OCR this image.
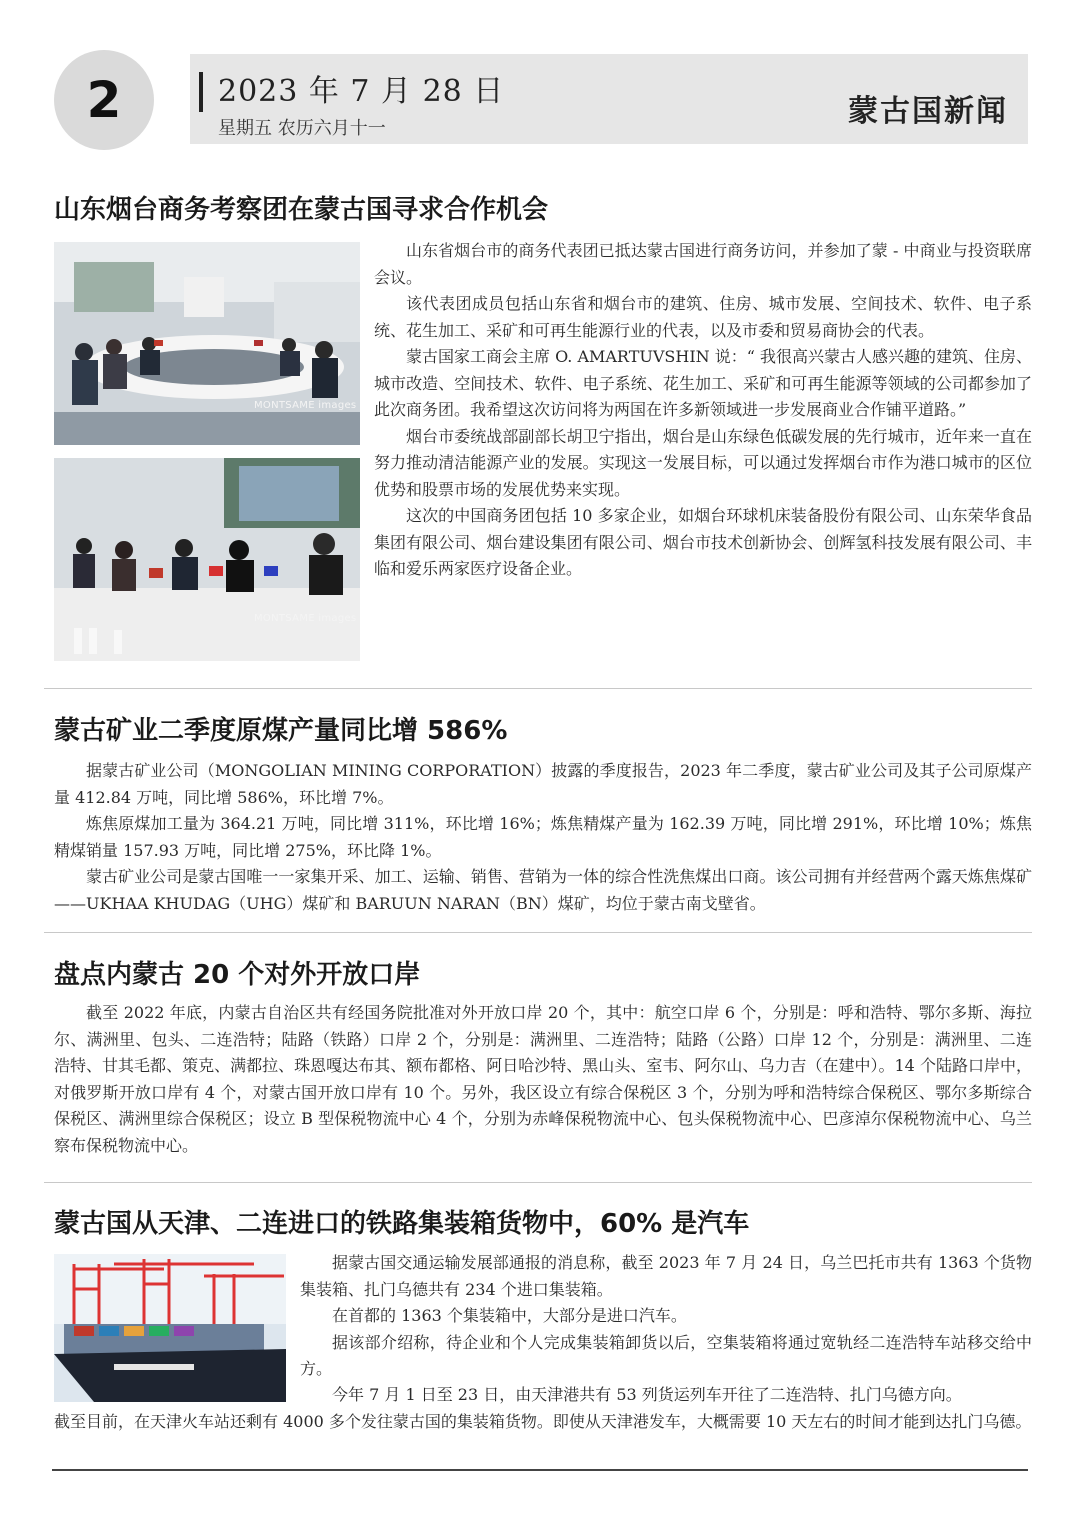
2	2023 年 7 月 28 日
星期五 农历六月十一	蒙古国新闻
山东烟台商务考察团在蒙古国寻求合作机会
MONTSAME images
MONTSAME images

山东省烟台市的商务代表团已抵达蒙古国进行商务访问，并参加了蒙 - 中商业与投资联席会议。

该代表团成员包括山东省和烟台市的建筑、住房、城市发展、空间技术、软件、电子系统、花生加工、采矿和可再生能源行业的代表，以及市委和贸易商协会的代表。

蒙古国家工商会主席 O. AMARTUVSHIN 说：“ 我很高兴蒙古人感兴趣的建筑、住房、城市改造、空间技术、软件、电子系统、花生加工、采矿和可再生能源等领域的公司都参加了此次商务团。我希望这次访问将为两国在许多新领域进一步发展商业合作铺平道路。”

烟台市委统战部副部长胡卫宁指出，烟台是山东绿色低碳发展的先行城市，近年来一直在努力推动清洁能源产业的发展。实现这一发展目标，可以通过发挥烟台市作为港口城市的区位优势和股票市场的发展优势来实现。

这次的中国商务团包括 10 多家企业，如烟台环球机床装备股份有限公司、山东荣华食品集团有限公司、烟台建设集团有限公司、烟台市技术创新协会、创辉氢科技发展有限公司、丰临和爱乐两家医疗设备企业。

蒙古矿业二季度原煤产量同比增 586%

据蒙古矿业公司（MONGOLIAN MINING CORPORATION）披露的季度报告，2023 年二季度，蒙古矿业公司及其子公司原煤产量 412.84 万吨，同比增 586%，环比增 7%。

炼焦原煤加工量为 364.21 万吨，同比增 311%，环比增 16%；炼焦精煤产量为 162.39 万吨，同比增 291%，环比增 10%；炼焦精煤销量 157.93 万吨，同比增 275%，环比降 1%。

蒙古矿业公司是蒙古国唯一一家集开采、加工、运输、销售、营销为一体的综合性洗焦煤出口商。该公司拥有并经营两个露天炼焦煤矿——UKHAA KHUDAG（UHG）煤矿和 BARUUN NARAN（BN）煤矿，均位于蒙古南戈壁省。

盘点内蒙古 20 个对外开放口岸

截至 2022 年底，内蒙古自治区共有经国务院批准对外开放口岸 20 个，其中：航空口岸 6 个，分别是：呼和浩特、鄂尔多斯、海拉尔、满洲里、包头、二连浩特；陆路（铁路）口岸 2 个，分别是：满洲里、二连浩特；陆路（公路）口岸 12 个，分别是：满洲里、二连浩特、甘其毛都、策克、满都拉、珠恩嘎达布其、额布都格、阿日哈沙特、黑山头、室韦、阿尔山、乌力吉（在建中）。14 个陆路口岸中，对俄罗斯开放口岸有 4 个，对蒙古国开放口岸有 10 个。另外，我区设立有综合保税区 3 个，分别为呼和浩特综合保税区、鄂尔多斯综合保税区、满洲里综合保税区；设立 B 型保税物流中心 4 个，分别为赤峰保税物流中心、包头保税物流中心、巴彦淖尔保税物流中心、乌兰察布保税物流中心。

蒙古国从天津、二连进口的铁路集装箱货物中，60% 是汽车

据蒙古国交通运输发展部通报的消息称，截至 2023 年 7 月 24 日，乌兰巴托市共有 1363 个货物集装箱、扎门乌德共有 234 个进口集装箱。

在首都的 1363 个集装箱中，大部分是进口汽车。

据该部介绍称，待企业和个人完成集装箱卸货以后，空集装箱将通过宽轨经二连浩特车站移交给中方。

今年 7 月 1 日至 23 日，由天津港共有 53 列货运列车开往了二连浩特、扎门乌德方向。

截至目前，在天津火车站还剩有 4000 多个发往蒙古国的集装箱货物。即使从天津港发车，大概需要 10 天左右的时间才能到达扎门乌德。
